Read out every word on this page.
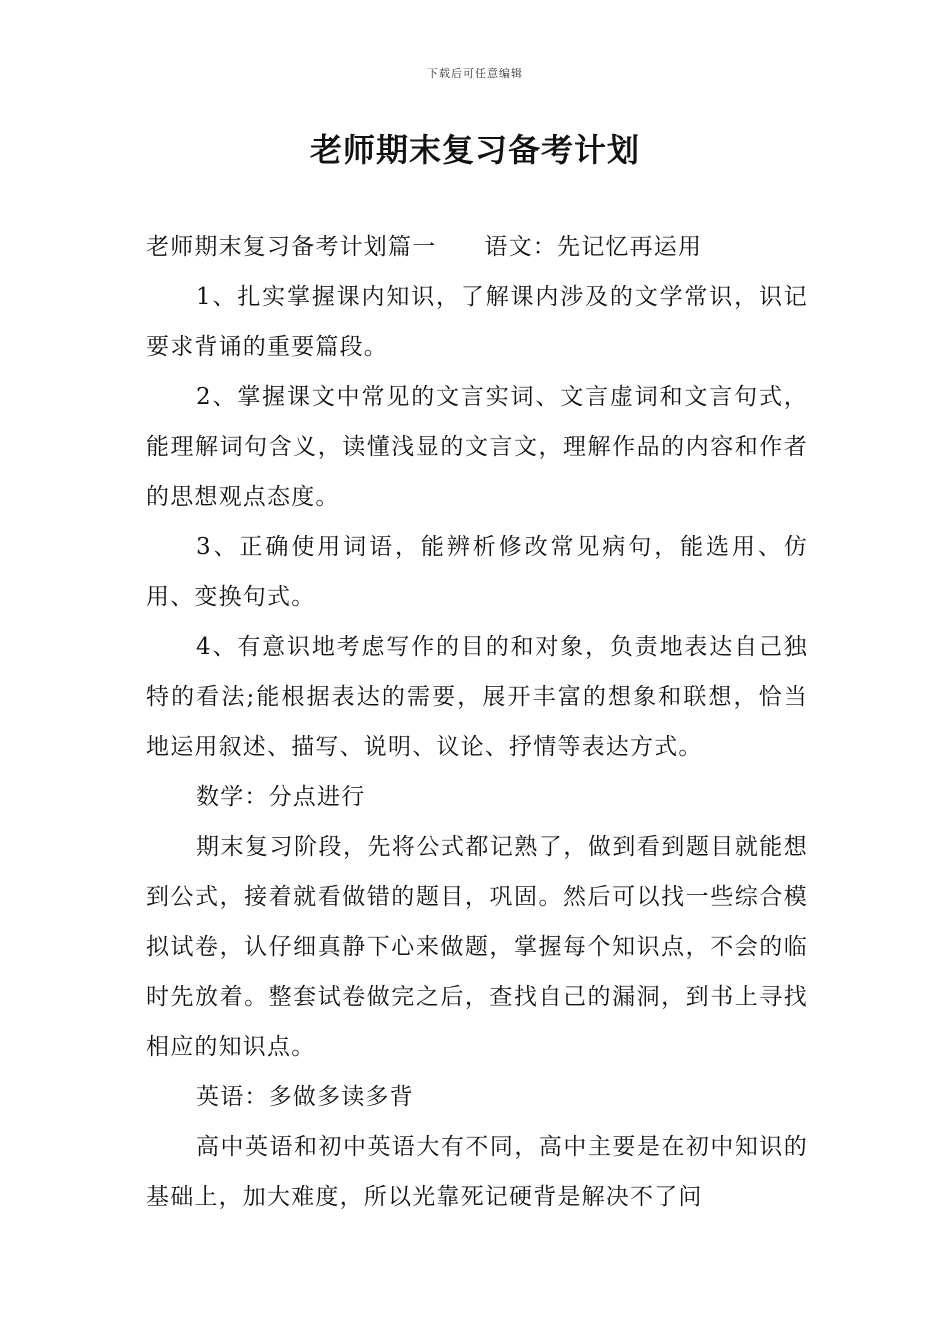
下载后可任意编辑
老师期末复习备考计划

老师期末复习备考计划篇一 语文：先记忆再运用

1、扎实掌握课内知识，了解课内涉及的文学常识，识记要求背诵的重要篇段。

2、掌握课文中常见的文言实词、文言虚词和文言句式，能理解词句含义，读懂浅显的文言文，理解作品的内容和作者的思想观点态度。

3、正确使用词语，能辨析修改常见病句，能选用、仿用、变换句式。

4、有意识地考虑写作的目的和对象，负责地表达自己独特的看法;能根据表达的需要，展开丰富的想象和联想，恰当地运用叙述、描写、说明、议论、抒情等表达方式。

数学：分点进行

期末复习阶段，先将公式都记熟了，做到看到题目就能想到公式，接着就看做错的题目，巩固。然后可以找一些综合模拟试卷，认仔细真静下心来做题，掌握每个知识点，不会的临时先放着。整套试卷做完之后，查找自己的漏洞，到书上寻找相应的知识点。

英语：多做多读多背

高中英语和初中英语大有不同，高中主要是在初中知识的基础上，加大难度，所以光靠死记硬背是解决不了问
